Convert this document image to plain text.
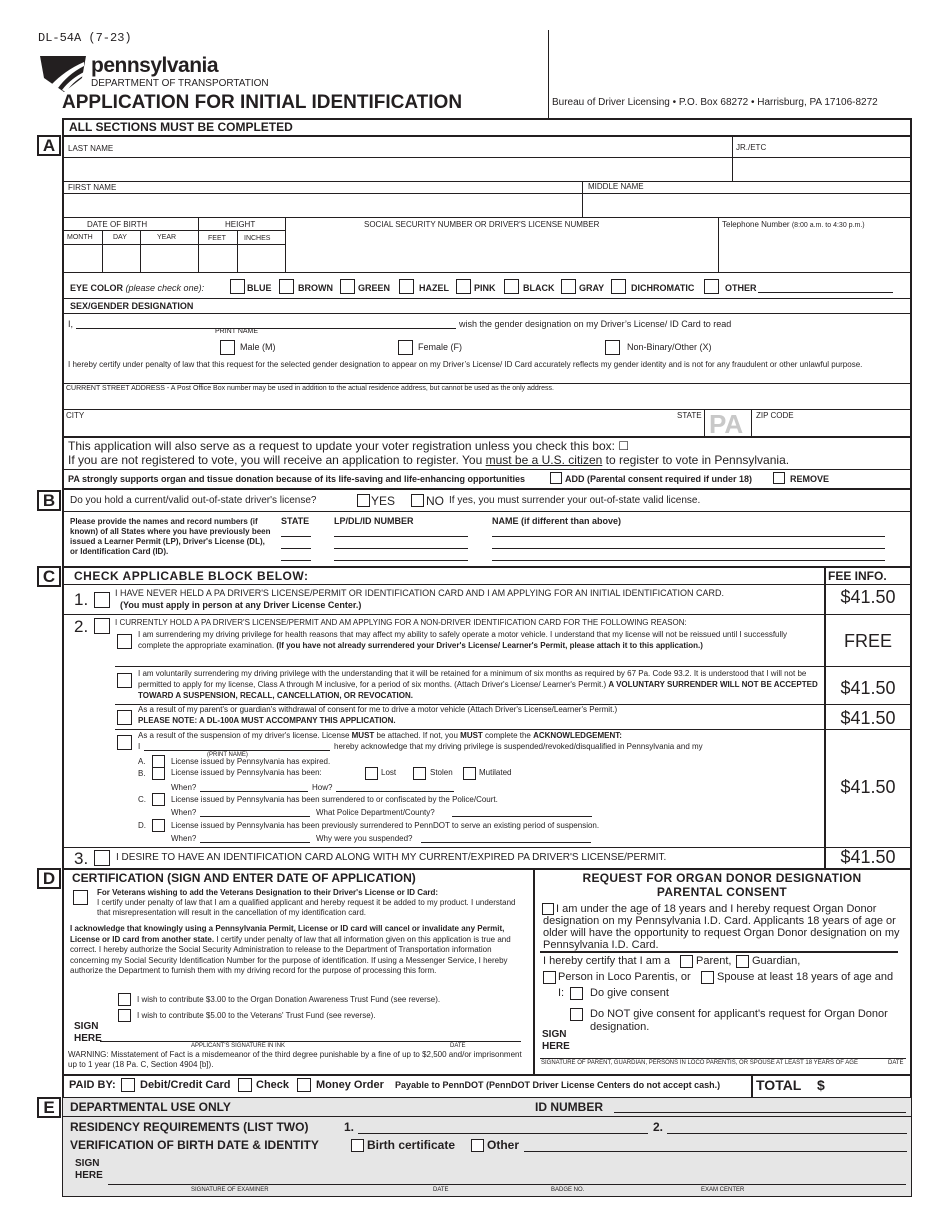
DL-54A (7-23)
pennsylvania
DEPARTMENT OF TRANSPORTATION
APPLICATION FOR INITIAL IDENTIFICATION	Bureau of Driver Licensing • P.O. Box 68272 • Harrisburg, PA 17106-8272
ALL SECTIONS MUST BE COMPLETED
A	LAST NAME	JR./ETC
FIRST NAME	MIDDLE NAME
DATE OF BIRTH	HEIGHT	SOCIAL SECURITY NUMBER OR DRIVER'S LICENSE NUMBER	Telephone Number (8:00 a.m. to 4:30 p.m.)
MONTH	DAY	YEAR	FEET	INCHES
EYE COLOR (please check one):	BLUE	BROWN	GREEN	HAZEL	PINK	BLACK	GRAY	DICHROMATIC	OTHER
SEX/GENDER DESIGNATION
I,	wish the gender designation on my Driver’s License/ ID Card to read
PRINT NAME
Male (M)	Female (F)	Non-Binary/Other (X)
I hereby certify under penalty of law that this request for the selected gender designation to appear on my Driver’s License/ ID Card accurately reflects my gender identity and is not for any fraudulent or other unlawful purpose.
CURRENT STREET ADDRESS - A Post Office Box number may be used in addition to the actual residence address, but cannot be used as the only address.
CITY	STATE PA ZIP CODE
This application will also serve as a request to update your voter registration unless you check this box: ☐
If you are not registered to vote, you will receive an application to register. You must be a U.S. citizen to register to vote in Pennsylvania.
PA strongly supports organ and tissue donation because of its life-saving and life-enhancing opportunities	ADD (Parental consent required if under 18)	REMOVE
B	Do you hold a current/valid out-of-state driver's license?	YES	NO If yes, you must surrender your out-of-state valid license.
Please provide the names and record numbers (if known) of all States where you have previously been issued a Learner Permit (LP), Driver's License (DL), or Identification Card (ID).
STATE	LP/DL/ID NUMBER	NAME (if different than above)
C	CHECK APPLICABLE BLOCK BELOW:	FEE INFO.
1.	I HAVE NEVER HELD A PA DRIVER'S LICENSE/PERMIT OR IDENTIFICATION CARD AND I AM APPLYING FOR AN INITIAL IDENTIFICATION CARD.
(You must apply in person at any Driver License Center.)	$41.50
2.	I CURRENTLY HOLD A PA DRIVER'S LICENSE/PERMIT AND AM APPLYING FOR A NON-DRIVER IDENTIFICATION CARD FOR THE FOLLOWING REASON:
I am surrendering my driving privilege for health reasons that may affect my ability to safely operate a motor vehicle. I understand that my license will not be reissued until I successfully complete the appropriate examination. (If you have not already surrendered your Driver's License/ Learner's Permit, please attach it to this application.)	FREE
I am voluntarily surrendering my driving privilege with the understanding that it will be retained for a minimum of six months as required by 67 Pa. Code 93.2. It is understood that I will not be permitted to apply for my license, Class A through M inclusive, for a period of six months. (Attach Driver's License/ Learner's Permit.) A VOLUNTARY SURRENDER WILL NOT BE ACCEPTED TOWARD A SUSPENSION, RECALL, CANCELLATION, OR REVOCATION.	$41.50
As a result of my parent's or guardian's withdrawal of consent for me to drive a motor vehicle (Attach Driver's License/Learner's Permit.)
PLEASE NOTE: A DL-100A MUST ACCOMPANY THIS APPLICATION.	$41.50
As a result of the suspension of my driver's license. License MUST be attached. If not, you MUST complete the ACKNOWLEDGEMENT:
I
(PRINT NAME)
hereby acknowledge that my driving privilege is suspended/revoked/disqualified in Pennsylvania and my
A.	License issued by Pennsylvania has expired.
B.	License issued by Pennsylvania has been:	Lost	Stolen	Mutilated
When?	How?
C.	License issued by Pennsylvania has been surrendered to or confiscated by the Police/Court.
When?	What Police Department/County?
D.	License issued by Pennsylvania has been previously surrendered to PennDOT to serve an existing period of suspension.
When?	Why were you suspended?
$41.50
3.	I DESIRE TO HAVE AN IDENTIFICATION CARD ALONG WITH MY CURRENT/EXPIRED PA DRIVER'S LICENSE/PERMIT.	$41.50
D	CERTIFICATION (SIGN AND ENTER DATE OF APPLICATION)
For Veterans wishing to add the Veterans Designation to their Driver's License or ID Card:
I certify under penalty of law that I am a qualified applicant and hereby request it be added to my product. I understand that misrepresentation will result in the cancellation of my identification card.
I acknowledge that knowingly using a Pennsylvania Permit, License or ID card will cancel or invalidate any Permit, License or ID card from another state. I certify under penalty of law that all information given on this application is true and correct. I hereby authorize the Social Security Administration to release to the Department of Transportation information concerning my Social Security Identification Number for the purpose of identification. If using a Messenger Service, I hereby authorize the Department to furnish them with my driving record for the purpose of processing this form.
I wish to contribute $3.00 to the Organ Donation Awareness Trust Fund (see reverse).
I wish to contribute $5.00 to the Veterans' Trust Fund (see reverse).
SIGN
HERE
APPLICANT'S SIGNATURE IN INK	DATE
WARNING: Misstatement of Fact is a misdemeanor of the third degree punishable by a fine of up to $2,500 and/or imprisonment up to 1 year (18 Pa. C, Section 4904 [b]).
REQUEST FOR ORGAN DONOR DESIGNATION
PARENTAL CONSENT
I am under the age of 18 years and I hereby request Organ Donor designation on my Pennsylvania I.D. Card. Applicants 18 years of age or older will have the opportunity to request Organ Donor designation on my Pennsylvania I.D. Card.
I hereby certify that I am a Parent, Guardian,
Person in Loco Parentis, or Spouse at least 18 years of age and
I: Do give consent
Do NOT give consent for applicant's request for Organ Donor designation.
SIGN
HERE
SIGNATURE OF PARENT, GUARDIAN, PERSONS IN LOCO PARENTIS, OR SPOUSE AT LEAST 18 YEARS OF AGE	DATE
PAID BY: Debit/Credit Card Check Money Order Payable to PennDOT (PennDOT Driver License Centers do not accept cash.)	TOTAL $
E	DEPARTMENTAL USE ONLY	ID NUMBER
RESIDENCY REQUIREMENTS (LIST TWO)	1.	2.
VERIFICATION OF BIRTH DATE & IDENTITY	Birth certificate	Other
SIGN
HERE
SIGNATURE OF EXAMINER	DATE	BADGE NO.	EXAM CENTER
